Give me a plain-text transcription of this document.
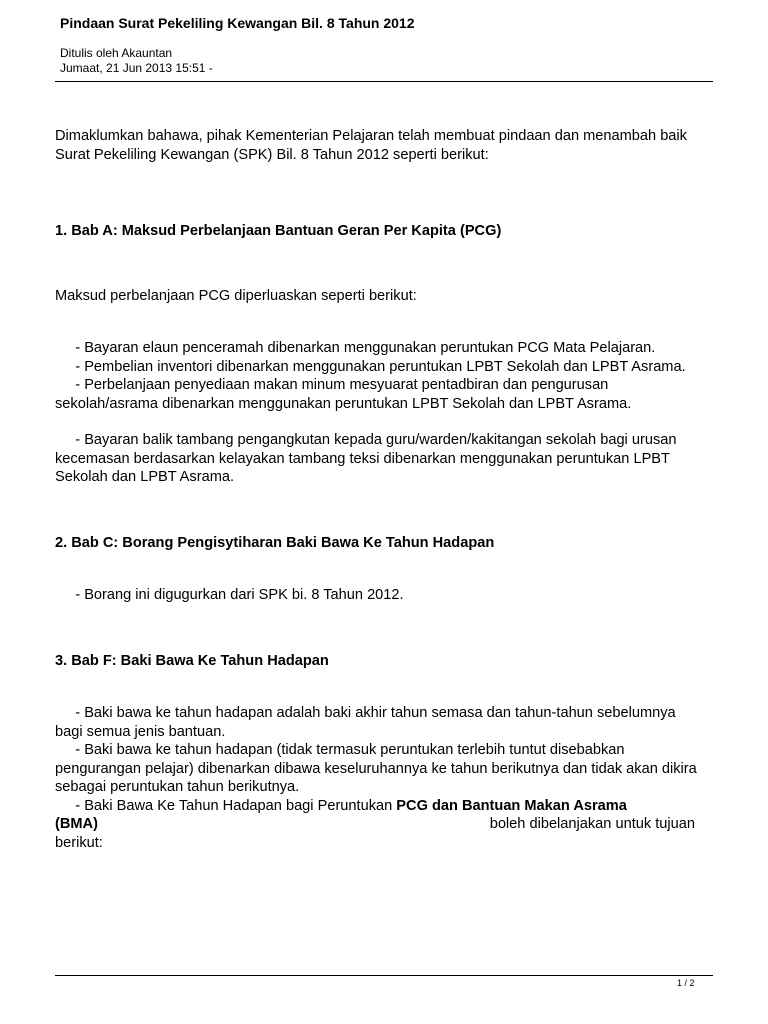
Pindaan Surat Pekeliling Kewangan Bil. 8 Tahun 2012
Ditulis oleh Akauntan
Jumaat, 21 Jun 2013 15:51 -

Dimaklumkan bahawa, pihak Kementerian Pelajaran telah membuat pindaan dan menambah baik Surat Pekeliling Kewangan (SPK) Bil. 8 Tahun 2012 seperti berikut:

1. Bab A: Maksud Perbelanjaan Bantuan Geran Per Kapita (PCG)

Maksud perbelanjaan PCG diperluaskan seperti berikut:

- Bayaran elaun penceramah dibenarkan menggunakan peruntukan PCG Mata Pelajaran.

- Pembelian inventori dibenarkan menggunakan peruntukan LPBT Sekolah dan LPBT Asrama.

- Perbelanjaan penyediaan makan minum mesyuarat pentadbiran dan pengurusan sekolah/asrama dibenarkan menggunakan peruntukan LPBT Sekolah dan LPBT Asrama.

- Bayaran balik tambang pengangkutan kepada guru/warden/kakitangan sekolah bagi urusan kecemasan berdasarkan kelayakan tambang teksi dibenarkan menggunakan peruntukan LPBT Sekolah dan LPBT Asrama.

2. Bab C: Borang Pengisytiharan Baki Bawa Ke Tahun Hadapan

- Borang ini digugurkan dari SPK bi. 8 Tahun 2012.

3. Bab F: Baki Bawa Ke Tahun Hadapan

- Baki bawa ke tahun hadapan adalah baki akhir tahun semasa dan tahun-tahun sebelumnya bagi semua jenis bantuan.

- Baki bawa ke tahun hadapan (tidak termasuk peruntukan terlebih tuntut disebabkan pengurangan pelajar) dibenarkan dibawa keseluruhannya ke tahun berikutnya dan tidak akan dikira sebagai peruntukan tahun berikutnya.

- Baki Bawa Ke Tahun Hadapan bagi Peruntukan PCG dan Bantuan Makan Asrama

(BMA)	boleh dibelanjakan untuk tujuan

berikut:

1 / 2
